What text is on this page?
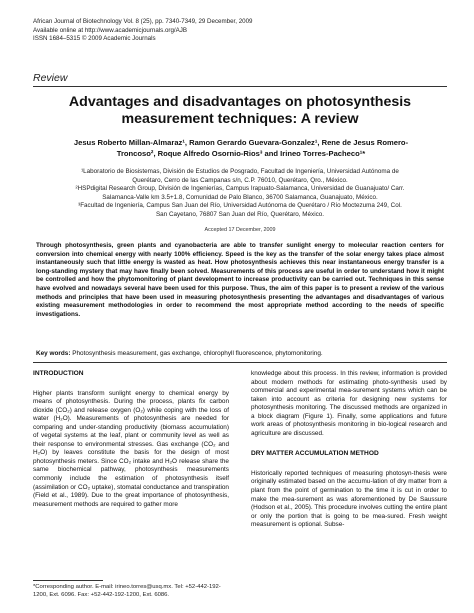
African Journal of Biotechnology Vol. 8 (25), pp. 7340-7349, 29 December, 2009
Available online at http://www.academicjournals.org/AJB
ISSN 1684–5315 © 2009 Academic Journals
Review
Advantages and disadvantages on photosynthesis
measurement techniques: A review
Jesus Roberto Millan-Almaraz¹, Ramon Gerardo Guevara-Gonzalez¹, Rene de Jesus Romero-
Troncoso², Roque Alfredo Osornio-Rios³ and Irineo Torres-Pacheco¹*
¹Laboratorio de Biosistemas, División de Estudios de Posgrado, Facultad de Ingeniería, Universidad Autónoma de
Querétaro, Cerro de las Campanas s/n, C.P. 76010, Querétaro, Qro., México.
²HSPdigital Research Group, División de Ingenierías, Campus Irapuato-Salamanca, Universidad de Guanajuato/ Carr.
Salamanca-Valle km 3.5+1.8, Comunidad de Palo Blanco, 36700 Salamanca, Guanajuato, México.
³Facultad de Ingeniería, Campus San Juan del Río, Universidad Autónoma de Querétaro / Río Moctezuma 249, Col.
San Cayetano, 76807 San Juan del Río, Querétaro, México.
Accepted 17 December, 2009
Through photosynthesis, green plants and cyanobacteria are able to transfer sunlight energy to molecular reaction centers for conversion into chemical energy with nearly 100% efficiency. Speed is the key as the transfer of the solar energy takes place almost instantaneously such that little energy is wasted as heat. How photosynthesis achieves this near instantaneous energy transfer is a long-standing mystery that may have finally been solved. Measurements of this process are useful in order to understand how it might be controlled and how the phytomonitoring of plant development to increase productivity can be carried out. Techniques in this sense have evolved and nowadays several have been used for this purpose. Thus, the aim of this paper is to present a review of the various methods and principles that have been used in measuring photosynthesis presenting the advantages and disadvantages of various existing measurement methodologies in order to recommend the most appropriate method according to the needs of specific investigations.
Key words: Photosynthesis measurement, gas exchange, chlorophyll fluorescence, phytomonitoring.
INTRODUCTION
Higher plants transform sunlight energy to chemical energy by means of photosynthesis. During the process, plants fix carbon dioxide (CO₂) and release oxygen (O₂) while coping with the loss of water (H₂O). Measurements of photosynthesis are needed for comparing and under-standing productivity (biomass accumulation) of vegetal systems at the leaf, plant or community level as well as their response to environmental stresses. Gas exchange (CO₂ and H₂O) by leaves constitute the basis for the design of most photosynthesis meters. Since CO₂ intake and H₂O release share the same biochemical pathway, photosynthesis measurements commonly include the estimation of photosynthesis itself (assimilation or CO₂ uptake), stomatal conductance and transpiration (Field et al., 1989). Due to the great importance of photosynthesis, measurement methods are required to gather more
knowledge about this process. In this review, information is provided about modern methods for estimating photo-synthesis used by commercial and experimental mea-surement systems which can be taken into account as criteria for designing new systems for photosynthesis monitoring. The discussed methods are organized in a block diagram (Figure 1). Finally, some applications and future work areas of photosynthesis monitoring in bio-logical research and agriculture are discussed.
DRY MATTER ACCUMULATION METHOD
Historically reported techniques of measuring photosyn-thesis were originally estimated based on the accumu-lation of dry matter from a plant from the point of germination to the time it is cut in order to make the mea-surement as was aforementioned by De Saussure (Hodson et al., 2005). This procedure involves cutting the entire plant or only the portion that is going to be mea-sured. Fresh weight measurement is optional. Subse-
*Corresponding author. E-mail: irineo.torres@usq.mx. Tel: +52-442-192-1200, Ext. 6096. Fax: +52-442-192-1200, Ext. 6086.
